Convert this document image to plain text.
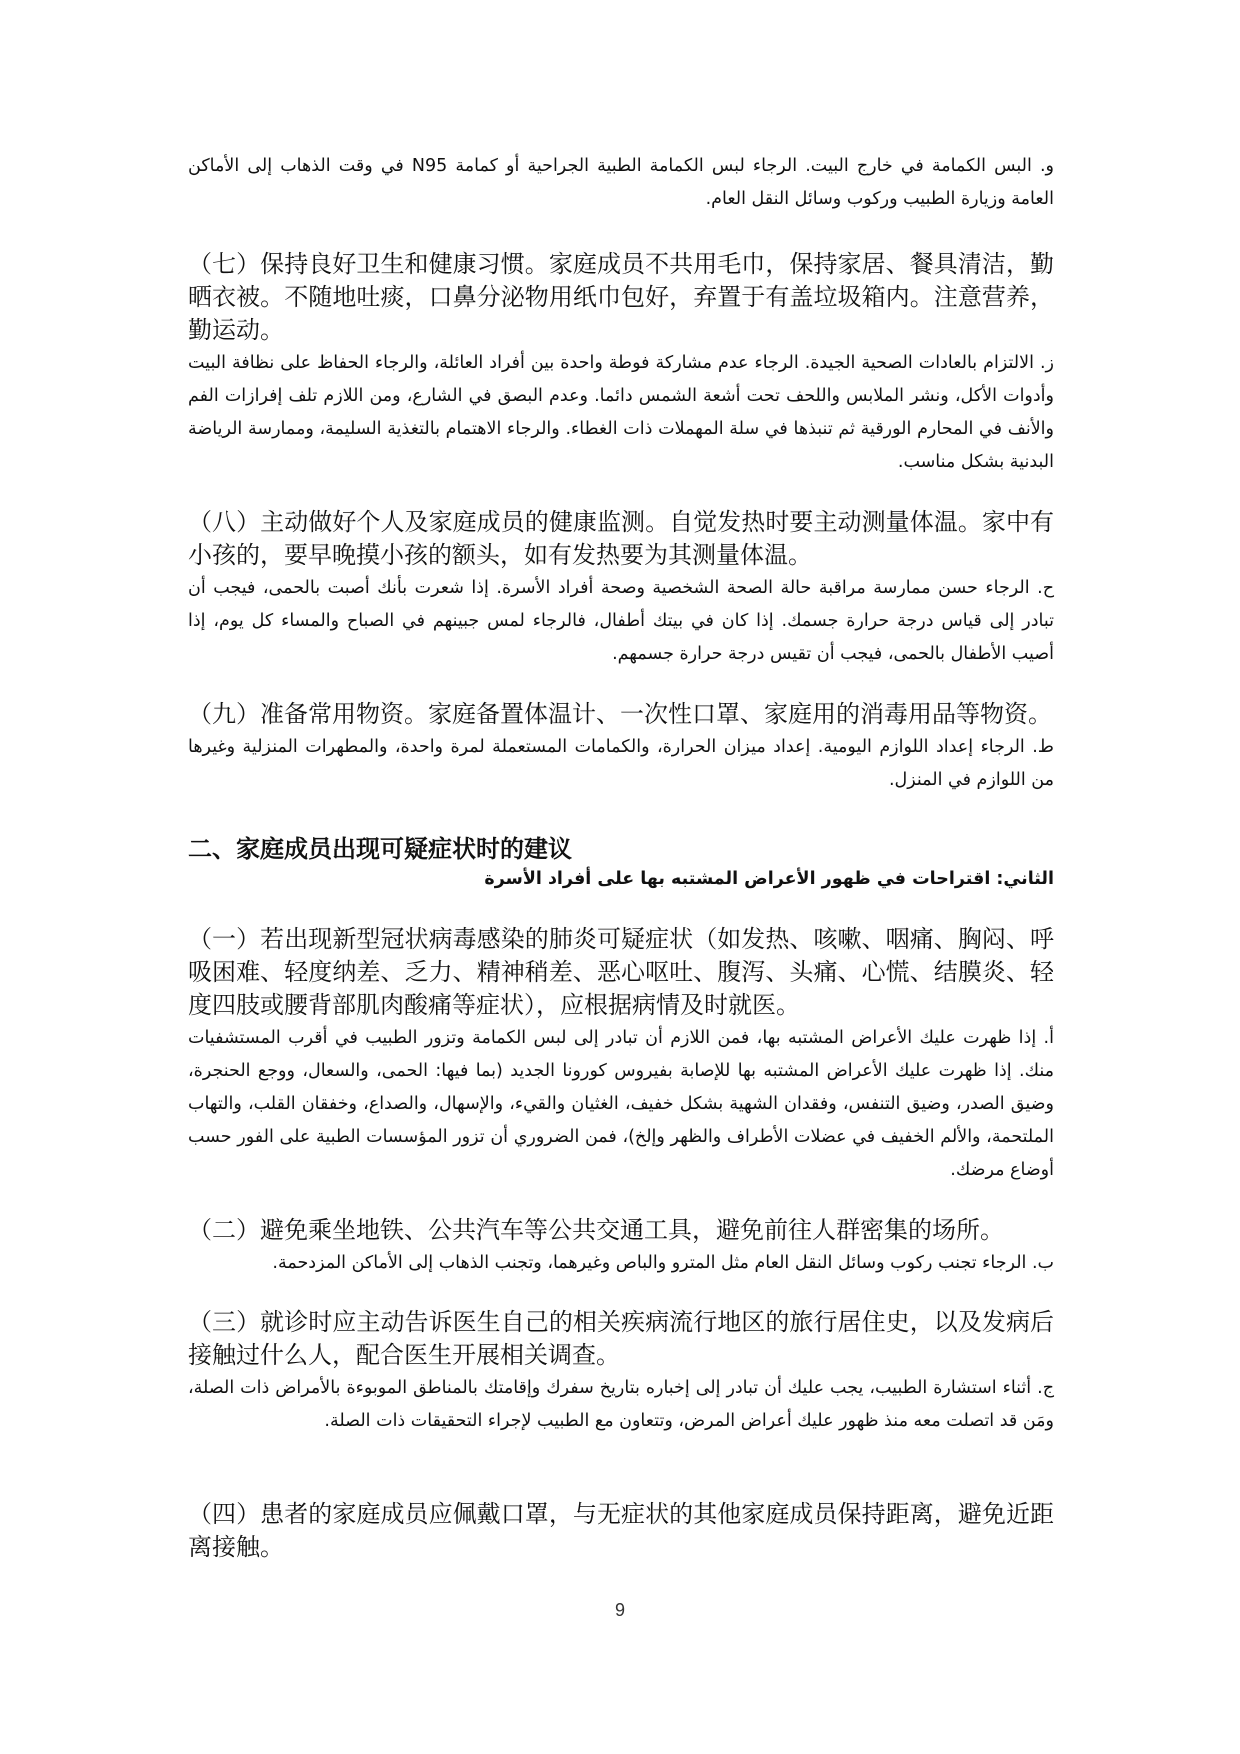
و. البس الكمامة في خارج البيت. الرجاء لبس الكمامة الطبية الجراحية أو كمامة N95 في وقت الذهاب إلى الأماكن العامة وزيارة الطبيب وركوب وسائل النقل العام.

（七）保持良好卫生和健康习惯。家庭成员不共用毛巾，保持家居、餐具清洁，勤晒衣被。不随地吐痰，口鼻分泌物用纸巾包好，弃置于有盖垃圾箱内。注意营养，勤运动。

ز. الالتزام بالعادات الصحية الجيدة. الرجاء عدم مشاركة فوطة واحدة بين أفراد العائلة، والرجاء الحفاظ على نظافة البيت وأدوات الأكل، ونشر الملابس واللحف تحت أشعة الشمس دائما. وعدم البصق في الشارع، ومن اللازم تلف إفرازات الفم والأنف في المحارم الورقية ثم تنبذها في سلة المهملات ذات الغطاء. والرجاء الاهتمام بالتغذية السليمة، وممارسة الرياضة البدنية بشكل مناسب.

（八）主动做好个人及家庭成员的健康监测。自觉发热时要主动测量体温。家中有小孩的，要早晚摸小孩的额头，如有发热要为其测量体温。

ح. الرجاء حسن ممارسة مراقبة حالة الصحة الشخصية وصحة أفراد الأسرة. إذا شعرت بأنك أصبت بالحمى، فيجب أن تبادر إلى قياس درجة حرارة جسمك. إذا كان في بيتك أطفال، فالرجاء لمس جبينهم في الصباح والمساء كل يوم، إذا أصيب الأطفال بالحمى، فيجب أن تقيس درجة حرارة جسمهم.

（九）准备常用物资。家庭备置体温计、一次性口罩、家庭用的消毒用品等物资。

ط. الرجاء إعداد اللوازم اليومية. إعداد ميزان الحرارة، والكمامات المستعملة لمرة واحدة، والمطهرات المنزلية وغيرها من اللوازم في المنزل.

二、家庭成员出现可疑症状时的建议

الثاني: اقتراحات في ظهور الأعراض المشتبه بها على أفراد الأسرة

（一）若出现新型冠状病毒感染的肺炎可疑症状（如发热、咳嗽、咽痛、胸闷、呼吸困难、轻度纳差、乏力、精神稍差、恶心呕吐、腹泻、头痛、心慌、结膜炎、轻度四肢或腰背部肌肉酸痛等症状），应根据病情及时就医。

أ. إذا ظهرت عليك الأعراض المشتبه بها، فمن اللازم أن تبادر إلى لبس الكمامة وتزور الطبيب في أقرب المستشفيات منك. إذا ظهرت عليك الأعراض المشتبه بها للإصابة بفيروس كورونا الجديد (بما فيها: الحمى، والسعال، ووجع الحنجرة، وضيق الصدر، وضيق التنفس، وفقدان الشهية بشكل خفيف، الغثيان والقيء، والإسهال، والصداع، وخفقان القلب، والتهاب الملتحمة، والألم الخفيف في عضلات الأطراف والظهر وإلخ)، فمن الضروري أن تزور المؤسسات الطبية على الفور حسب أوضاع مرضك.

（二）避免乘坐地铁、公共汽车等公共交通工具，避免前往人群密集的场所。

ب. الرجاء تجنب ركوب وسائل النقل العام مثل المترو والباص وغيرهما، وتجنب الذهاب إلى الأماكن المزدحمة.

（三）就诊时应主动告诉医生自己的相关疾病流行地区的旅行居住史，以及发病后接触过什么人，配合医生开展相关调查。

ج. أثناء استشارة الطبيب، يجب عليك أن تبادر إلى إخباره بتاريخ سفرك وإقامتك بالمناطق الموبوءة بالأمراض ذات الصلة، ومَن قد اتصلت معه منذ ظهور عليك أعراض المرض، وتتعاون مع الطبيب لإجراء التحقيقات ذات الصلة.

（四）患者的家庭成员应佩戴口罩，与无症状的其他家庭成员保持距离，避免近距离接触。

9
